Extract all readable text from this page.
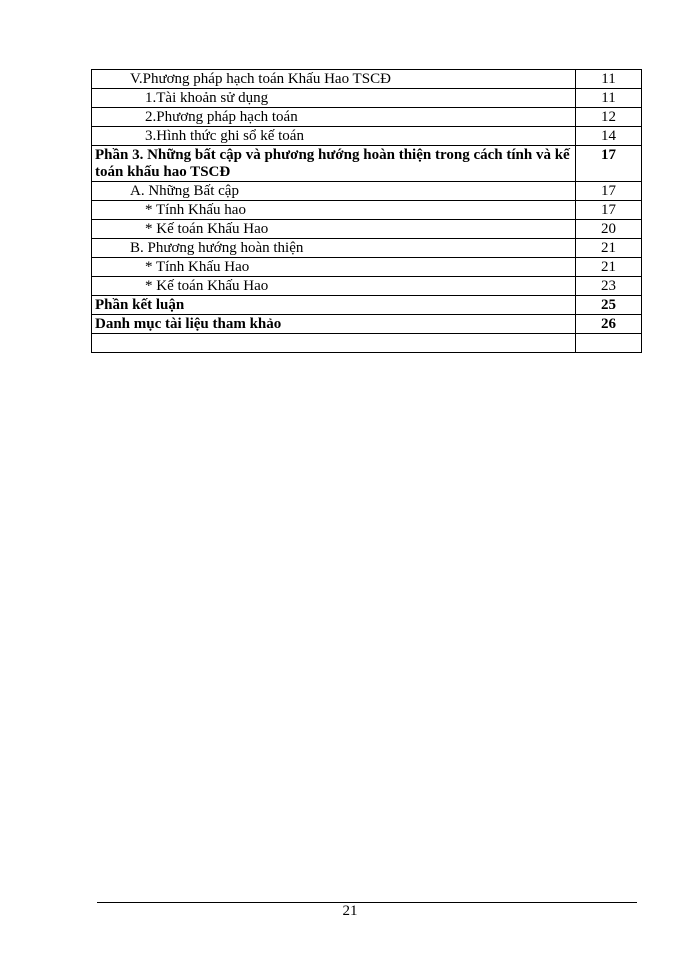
V.Phương pháp hạch toán Khấu Hao TSCĐ	11
1.Tài khoản sử dụng	11
2.Phương pháp hạch toán	12
3.Hình thức ghi sổ kế toán	14
Phần 3. Những bất cập và phương hướng hoàn thiện trong cách tính và kế toán khấu hao TSCĐ	17
A. Những Bất cập	17
* Tính Khấu hao	17
* Kế toán Khấu Hao	20
B. Phương hướng hoàn thiện	21
* Tính Khấu Hao	21
* Kế toán Khấu Hao	23
Phần kết luận	25
Danh mục tài liệu tham khảo	26

21
